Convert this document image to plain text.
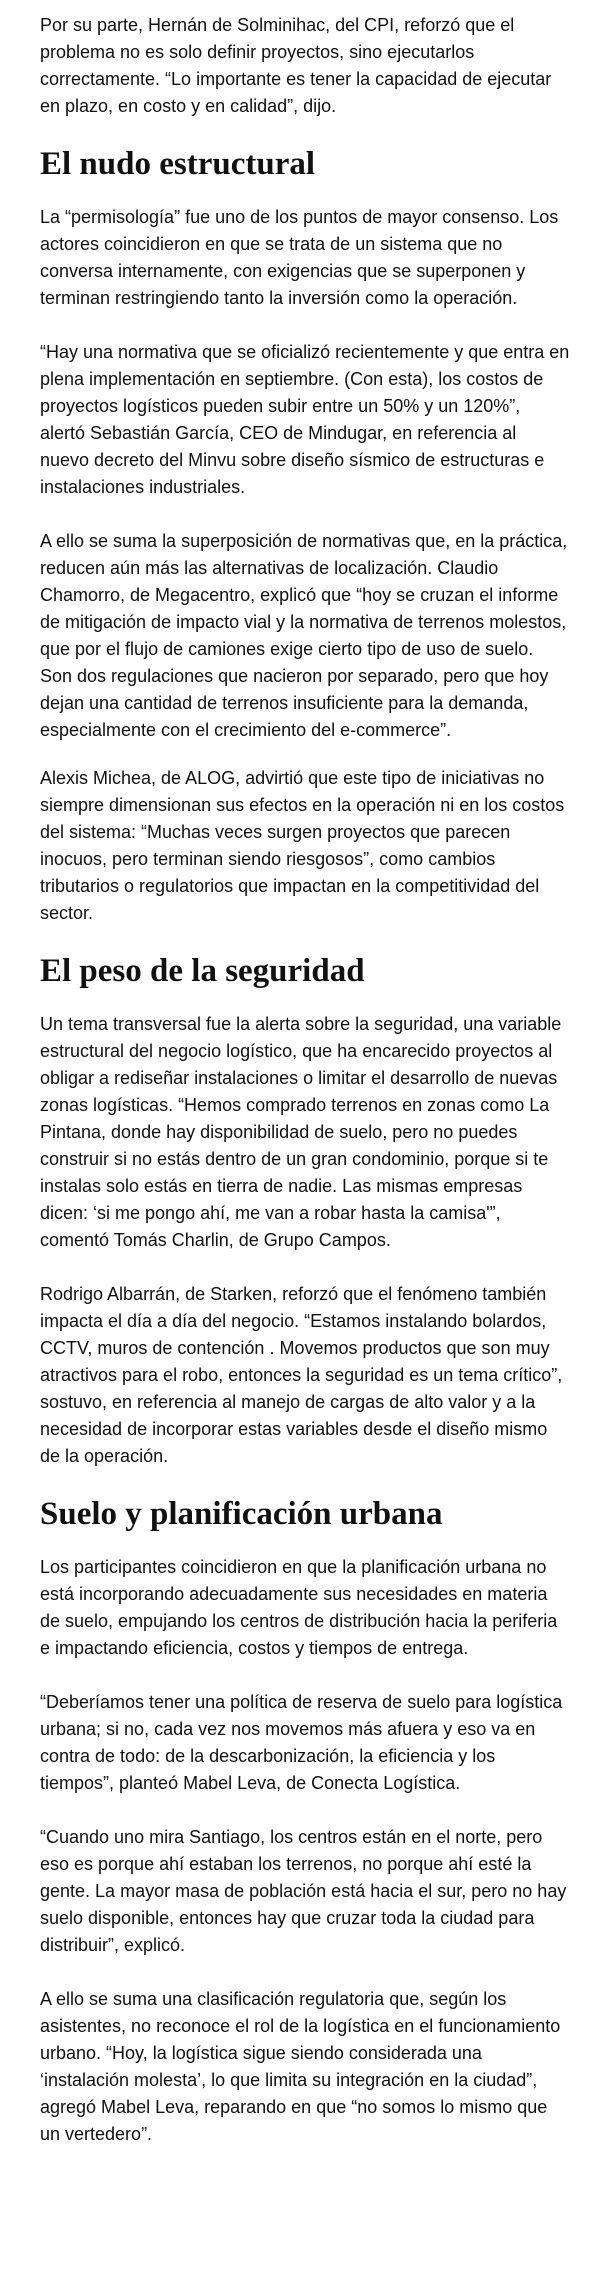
Por su parte, Hernán de Solminihac, del CPI, reforzó que el problema no es solo definir proyectos, sino ejecutarlos correctamente. “Lo importante es tener la capacidad de ejecutar en plazo, en costo y en calidad”, dijo.

El nudo estructural

La “permisología” fue uno de los puntos de mayor consenso. Los actores coincidieron en que se trata de un sistema que no conversa internamente, con exigencias que se superponen y terminan restringiendo tanto la inversión como la operación.

“Hay una normativa que se oficializó recientemente y que entra en plena implementación en septiembre. (Con esta), los costos de proyectos logísticos pueden subir entre un 50% y un 120%”, alertó Sebastián García, CEO de Mindugar, en referencia al nuevo decreto del Minvu sobre diseño sísmico de estructuras e instalaciones industriales.

A ello se suma la superposición de normativas que, en la práctica, reducen aún más las alternativas de localización. Claudio Chamorro, de Megacentro, explicó que “hoy se cruzan el informe de mitigación de impacto vial y la normativa de terrenos molestos, que por el flujo de camiones exige cierto tipo de uso de suelo. Son dos regulaciones que nacieron por separado, pero que hoy dejan una cantidad de terrenos insuficiente para la demanda, especialmente con el crecimiento del e-commerce”.

Alexis Michea, de ALOG, advirtió que este tipo de iniciativas no siempre dimensionan sus efectos en la operación ni en los costos del sistema: “Muchas veces surgen proyectos que parecen inocuos, pero terminan siendo riesgosos”, como cambios tributarios o regulatorios que impactan en la competitividad del sector.

El peso de la seguridad

Un tema transversal fue la alerta sobre la seguridad, una variable estructural del negocio logístico, que ha encarecido proyectos al obligar a rediseñar instalaciones o limitar el desarrollo de nuevas zonas logísticas. “Hemos comprado terrenos en zonas como La Pintana, donde hay disponibilidad de suelo, pero no puedes construir si no estás dentro de un gran condominio, porque si te instalas solo estás en tierra de nadie. Las mismas empresas dicen: ‘si me pongo ahí, me van a robar hasta la camisa'”, comentó Tomás Charlin, de Grupo Campos.

Rodrigo Albarrán, de Starken, reforzó que el fenómeno también impacta el día a día del negocio. “Estamos instalando bolardos, CCTV, muros de contención . Movemos productos que son muy atractivos para el robo, entonces la seguridad es un tema crítico”, sostuvo, en referencia al manejo de cargas de alto valor y a la necesidad de incorporar estas variables desde el diseño mismo de la operación.

Suelo y planificación urbana

Los participantes coincidieron en que la planificación urbana no está incorporando adecuadamente sus necesidades en materia de suelo, empujando los centros de distribución hacia la periferia e impactando eficiencia, costos y tiempos de entrega.

“Deberíamos tener una política de reserva de suelo para logística urbana; si no, cada vez nos movemos más afuera y eso va en contra de todo: de la descarbonización, la eficiencia y los tiempos”, planteó Mabel Leva, de Conecta Logística.

“Cuando uno mira Santiago, los centros están en el norte, pero eso es porque ahí estaban los terrenos, no porque ahí esté la gente. La mayor masa de población está hacia el sur, pero no hay suelo disponible, entonces hay que cruzar toda la ciudad para distribuir”, explicó.

A ello se suma una clasificación regulatoria que, según los asistentes, no reconoce el rol de la logística en el funcionamiento urbano. “Hoy, la logística sigue siendo considerada una ‘instalación molesta’, lo que limita su integración en la ciudad”, agregó Mabel Leva, reparando en que “no somos lo mismo que un vertedero”.
